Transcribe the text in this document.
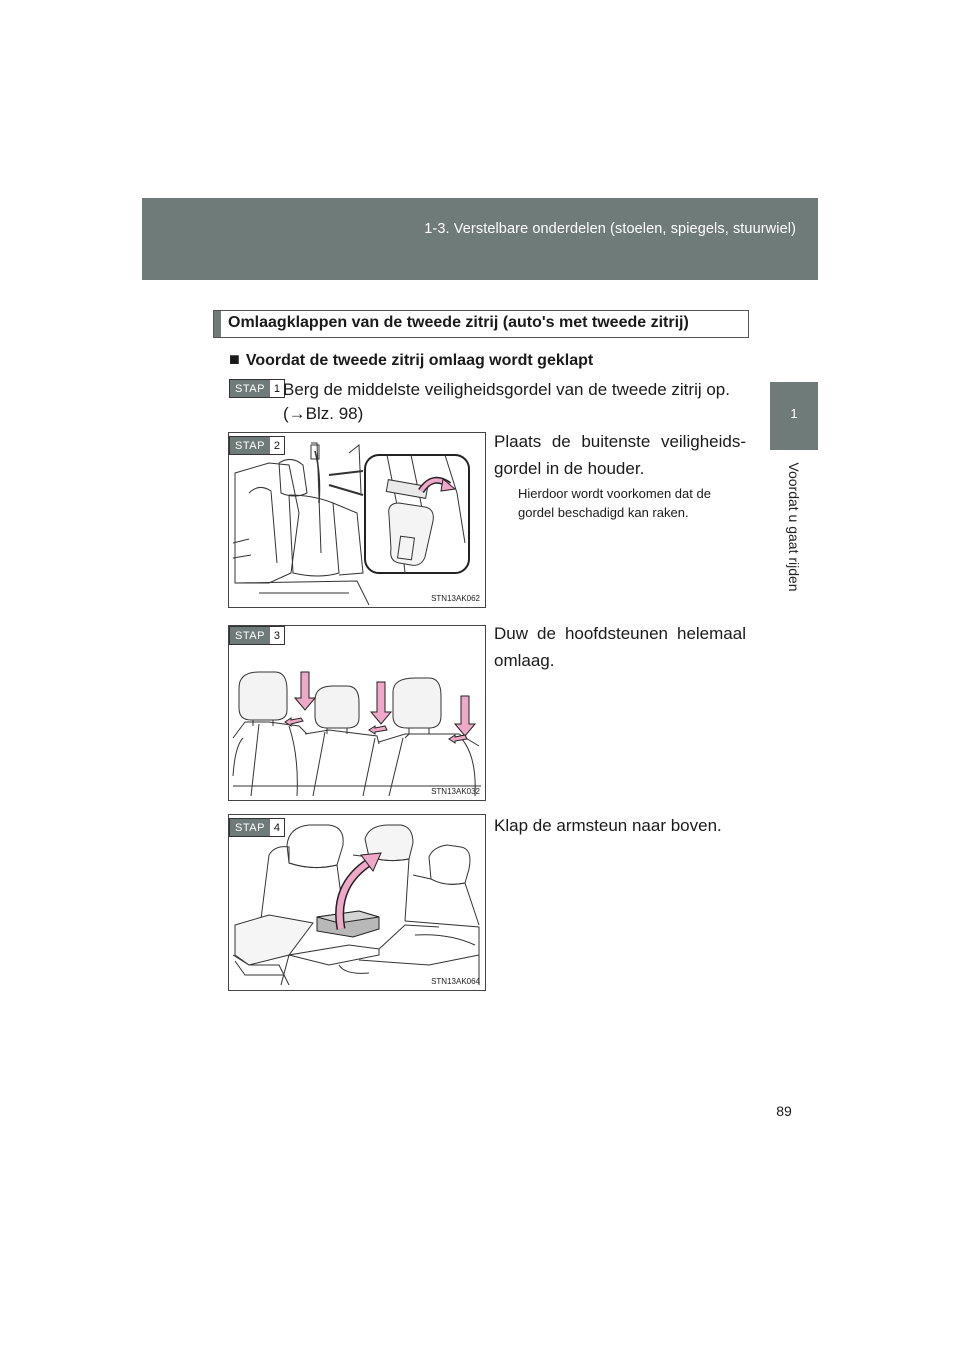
1-3. Verstelbare onderdelen (stoelen, spiegels, stuurwiel)
1
Voordat u gaat rijden
Omlaagklappen van de tweede zitrij (auto's met tweede zitrij)
■ Voordat de tweede zitrij omlaag wordt geklapt
STAP 1 Berg de middelste veiligheidsgordel van de tweede zitrij op.
(→Blz. 98)
STN13AK062
STAP 2	Plaats de buitenste veiligheids-gordel in de houder.
Hierdoor wordt voorkomen dat de gordel beschadigd kan raken.
STN13AK032
STAP 3	Duw de hoofdsteunen helemaal omlaag.
STN13AK064
STAP 4	Klap de armsteun naar boven.
89
